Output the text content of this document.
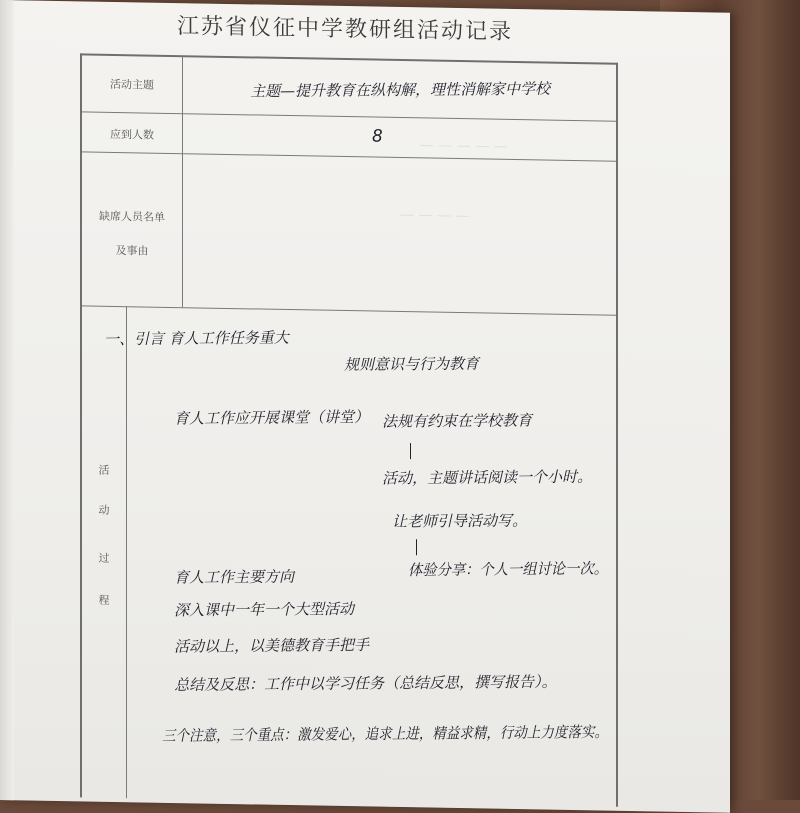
江苏省仪征中学教研组活动记录
— — — — —
— — — —
活动主题
应到人数
缺席人员名单
及事由
活
动
过
程
主题—提升教育在纵构解，理性消解家中学校
8
一、引言 育人工作任务重大
规则意识与行为教育
育人工作应开展课堂（讲堂） 法规有约束在学校教育
活动，主题讲话阅读一个小时。
让老师引导活动写。
体验分享：个人一组讨论一次。
育人工作主要方向
深入课中一年一个大型活动
活动以上，以美德教育手把手
总结及反思：工作中以学习任务（总结反思，撰写报告）。
三个注意，三个重点：激发爱心，追求上进，精益求精，行动上力度落实。
